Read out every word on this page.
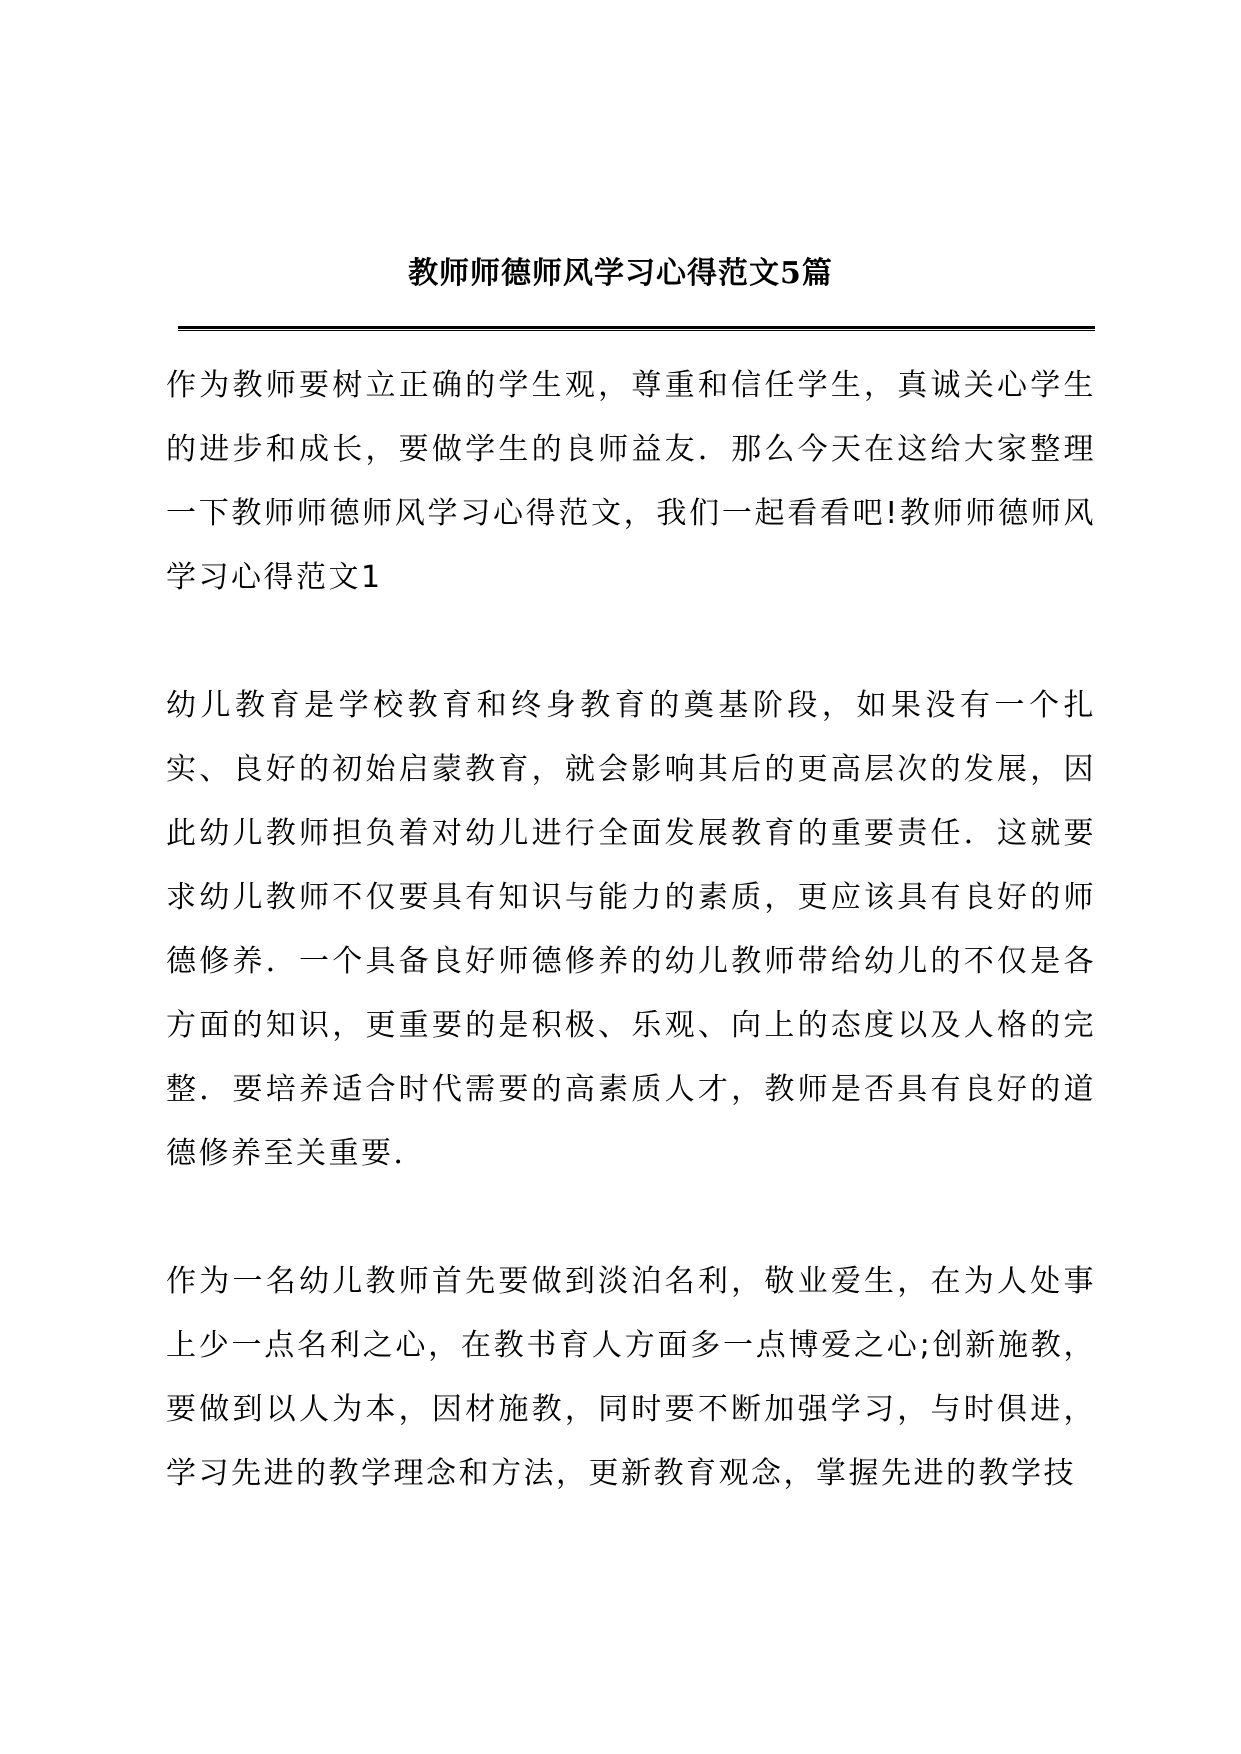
教师师德师风学习心得范文5篇

作为教师要树立正确的学生观，尊重和信任学生，真诚关心学生的进步和成长，要做学生的良师益友．那么今天在这给大家整理一下教师师德师风学习心得范文，我们一起看看吧!教师师德师风学习心得范文1

幼儿教育是学校教育和终身教育的奠基阶段，如果没有一个扎实、良好的初始启蒙教育，就会影响其后的更高层次的发展，因此幼儿教师担负着对幼儿进行全面发展教育的重要责任．这就要求幼儿教师不仅要具有知识与能力的素质，更应该具有良好的师德修养．一个具备良好师德修养的幼儿教师带给幼儿的不仅是各方面的知识，更重要的是积极、乐观、向上的态度以及人格的完整．要培养适合时代需要的高素质人才，教师是否具有良好的道德修养至关重要．

作为一名幼儿教师首先要做到淡泊名利，敬业爱生，在为人处事上少一点名利之心，在教书育人方面多一点博爱之心;创新施教，要做到以人为本，因材施教，同时要不断加强学习，与时俱进，学习先进的教学理念和方法，更新教育观念，掌握先进的教学技
